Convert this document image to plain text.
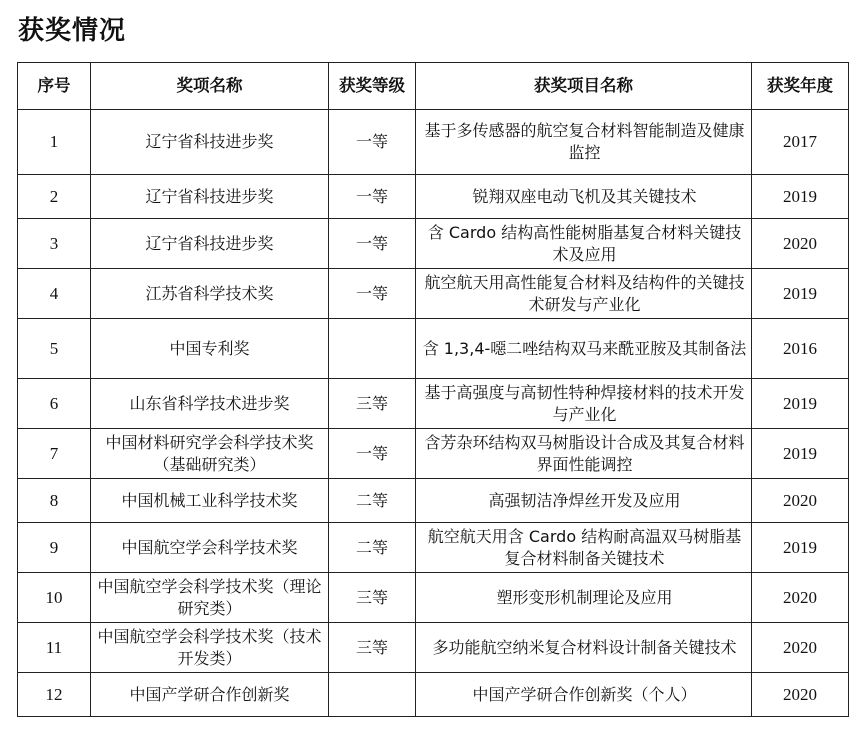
获奖情况
序号	奖项名称	获奖等级	获奖项目名称	获奖年度
1	辽宁省科技进步奖	一等	基于多传感器的航空复合材料智能制造及健康监控	2017
2	辽宁省科技进步奖	一等	锐翔双座电动飞机及其关键技术	2019
3	辽宁省科技进步奖	一等	含 Cardo 结构高性能树脂基复合材料关键技术及应用	2020
4	江苏省科学技术奖	一等	航空航天用高性能复合材料及结构件的关键技术研发与产业化	2019
5	中国专利奖		含 1,3,4-噁二唑结构双马来酰亚胺及其制备法	2016
6	山东省科学技术进步奖	三等	基于高强度与高韧性特种焊接材料的技术开发与产业化	2019
7	中国材料研究学会科学技术奖（基础研究类）	一等	含芳杂环结构双马树脂设计合成及其复合材料界面性能调控	2019
8	中国机械工业科学技术奖	二等	高强韧洁净焊丝开发及应用	2020
9	中国航空学会科学技术奖	二等	航空航天用含 Cardo 结构耐高温双马树脂基复合材料制备关键技术	2019
10	中国航空学会科学技术奖（理论研究类）	三等	塑形变形机制理论及应用	2020
11	中国航空学会科学技术奖（技术开发类）	三等	多功能航空纳米复合材料设计制备关键技术	2020
12	中国产学研合作创新奖		中国产学研合作创新奖（个人）	2020
